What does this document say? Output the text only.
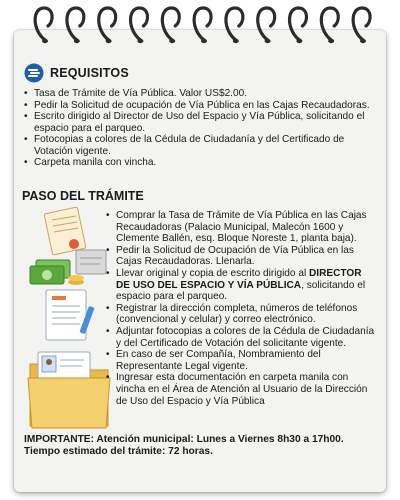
REQUISITOS
• Tasa de Trámite de Vía Pública. Valor US$2.00.
• Pedir la Solicitud de ocupación de Vía Pública en las Cajas Recaudadoras.
• Escrito dirigido al Director de Uso del Espacio y Vía Pública, solicitando el espacio para el parqueo.
• Fotocopias a colores de la Cédula de Ciudadanía y del Certificado de Votación vigente.
• Carpeta manila con vincha.
PASO DEL TRÁMITE
• Comprar la Tasa de Trámite de Vía Pública en las Cajas Recaudadoras (Palacio Municipal, Malecón 1600 y Clemente Ballén, esq. Bloque Noreste 1, planta baja).
• Pedir la Solicitud de Ocupación de Vía Pública en las Cajas Recaudadoras. Llenarla.
• Llevar original y copia de escrito dirigido al DIRECTOR DE USO DEL ESPACIO Y VÍA PÚBLICA, solicitando el espacio para el parqueo.
• Registrar la dirección completa, números de teléfonos (convencional y celular) y correo electrónico.
• Adjuntar fotocopias a colores de la Cédula de Ciudadanía y del Certificado de Votación del solicitante vigente.
• En caso de ser Compañía, Nombramiento del Representante Legal vigente.
• Ingresar esta documentación en carpeta manila con vincha en el Área de Atención al Usuario de la Dirección de Uso del Espacio y Vía Pública
IMPORTANTE: Atención municipal: Lunes a Viernes 8h30 a 17h00.
Tiempo estimado del trámite: 72 horas.
